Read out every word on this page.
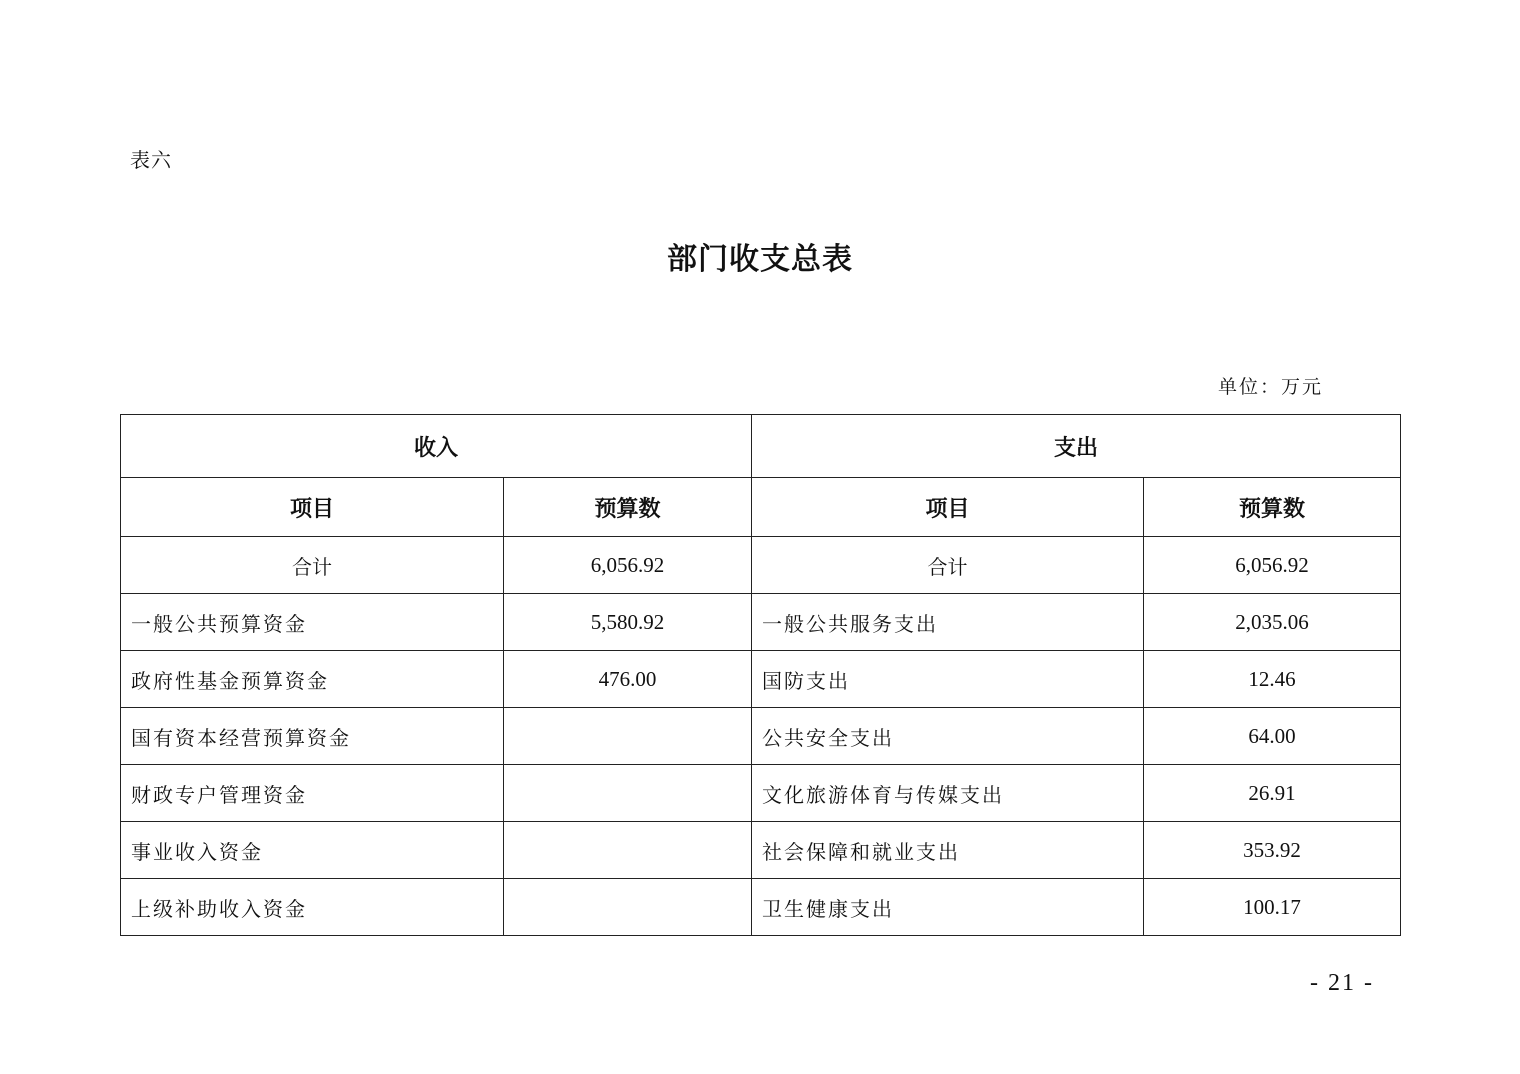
表六
部门收支总表
单位：万元
收入		支出	
项目	预算数	项目	预算数
合计	6,056.92	合计	6,056.92
一般公共预算资金	5,580.92	一般公共服务支出	2,035.06
政府性基金预算资金	476.00	国防支出	12.46
国有资本经营预算资金		公共安全支出	64.00
财政专户管理资金		文化旅游体育与传媒支出	26.91
事业收入资金		社会保障和就业支出	353.92
上级补助收入资金		卫生健康支出	100.17
- 21 -
